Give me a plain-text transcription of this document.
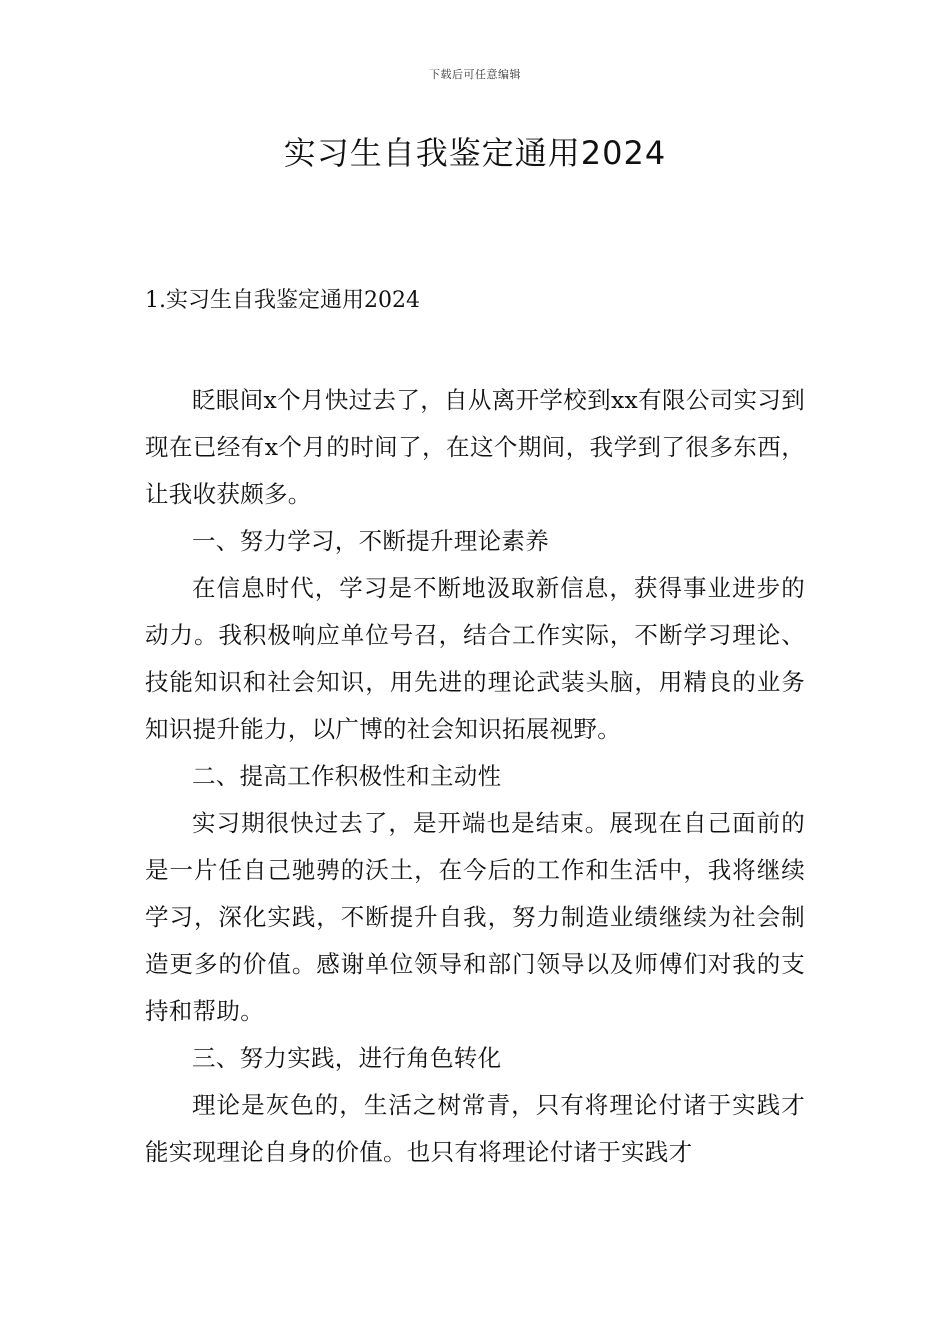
下载后可任意编辑
实习生自我鉴定通用2024
1.实习生自我鉴定通用2024

眨眼间x个月快过去了，自从离开学校到xx有限公司实习到现在已经有x个月的时间了，在这个期间，我学到了很多东西，让我收获颇多。

一、努力学习，不断提升理论素养

在信息时代，学习是不断地汲取新信息，获得事业进步的动力。我积极响应单位号召，结合工作实际，不断学习理论、技能知识和社会知识，用先进的理论武装头脑，用精良的业务知识提升能力，以广博的社会知识拓展视野。

二、提高工作积极性和主动性

实习期很快过去了，是开端也是结束。展现在自己面前的是一片任自己驰骋的沃土，在今后的工作和生活中，我将继续学习，深化实践，不断提升自我，努力制造业绩继续为社会制造更多的价值。感谢单位领导和部门领导以及师傅们对我的支持和帮助。

三、努力实践，进行角色转化

理论是灰色的，生活之树常青，只有将理论付诸于实践才能实现理论自身的价值。也只有将理论付诸于实践才
